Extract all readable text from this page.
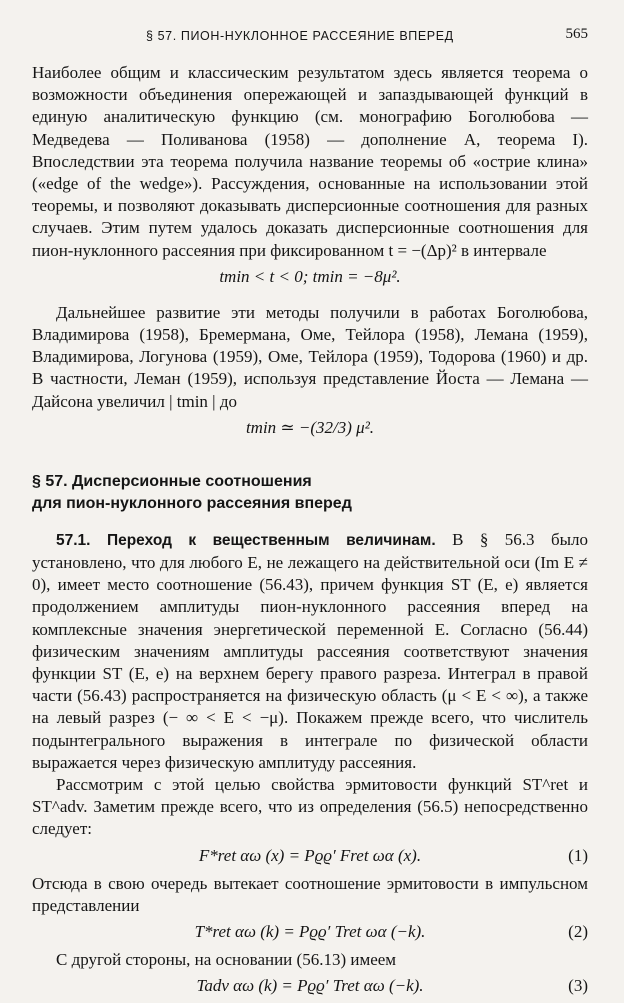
§ 57. ПИОН-НУКЛОННОЕ РАССЕЯНИЕ ВПЕРЕД	565

Наиболее общим и классическим результатом здесь является теорема о возможности объединения опережающей и запаздывающей функций в единую аналитическую функцию (см. монографию Боголюбова — Медведева — Поливанова (1958) — дополнение А, теорема I). Впоследствии эта теорема получила название теоремы об «острие клина» («edge of the wedge»). Рассуждения, основанные на использовании этой теоремы, и позволяют доказывать дисперсионные соотношения для разных случаев. Этим путем удалось доказать дисперсионные соотношения для пион-нуклонного рассеяния при фиксированном t = −(Δp)² в интервале

tmin < t < 0; tmin = −8μ².

Дальнейшее развитие эти методы получили в работах Боголюбова, Владимирова (1958), Бремермана, Оме, Тейлора (1958), Лемана (1959), Владимирова, Логунова (1959), Оме, Тейлора (1959), Тодорова (1960) и др. В частности, Леман (1959), используя представление Йоста — Лемана — Дайсона увеличил | tmin | до

tmin ≃ −(32/3) μ².
§ 57. Дисперсионные соотношения
для пион-нуклонного рассеяния вперед

57.1. Переход к вещественным величинам. В § 56.3 было установлено, что для любого E, не лежащего на действительной оси (Im E ≠ 0), имеет место соотношение (56.43), причем функция ST (E, e) является продолжением амплитуды пион-нуклонного рассеяния вперед на комплексные значения энергетической переменной E. Согласно (56.44) физическим значениям амплитуды рассеяния соответствуют значения функции ST (E, e) на верхнем берегу правого разреза. Интеграл в правой части (56.43) распространяется на физическую область (μ < E < ∞), а также на левый разрез (− ∞ < E < −μ). Покажем прежде всего, что числитель подынтегрального выражения в интеграле по физической области выражается через физическую амплитуду рассеяния.

Рассмотрим с этой целью свойства эрмитовости функций ST^ret и ST^adv. Заметим прежде всего, что из определения (56.5) непосредственно следует:

F*ret αω (x) = Pϱϱ′ Fret ωα (x).	(1)

Отсюда в свою очередь вытекает соотношение эрмитовости в импульсном представлении

T*ret αω (k) = Pϱϱ′ Tret ωα (−k).	(2)

С другой стороны, на основании (56.13) имеем

Tadv αω (k) = Pϱϱ′ Tret αω (−k).	(3)
